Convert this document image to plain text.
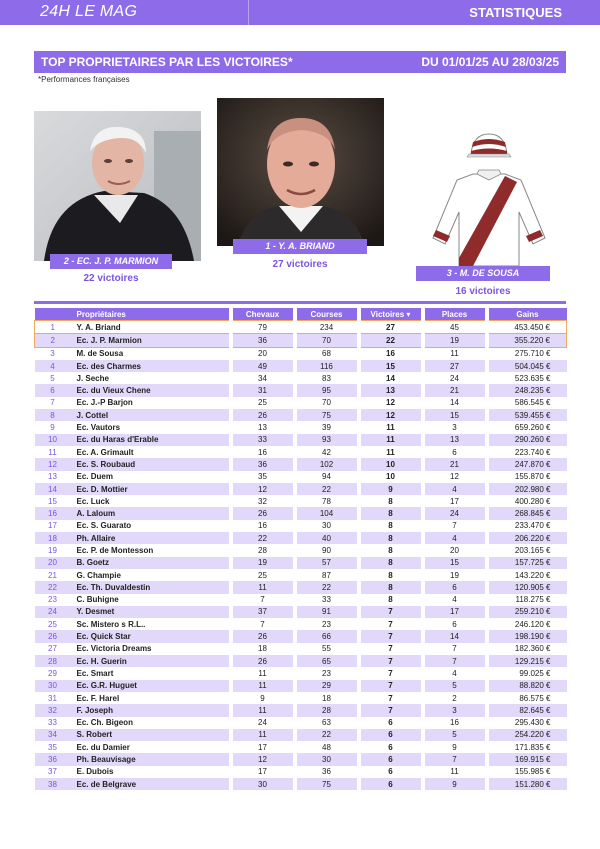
24H LE MAG	STATISTIQUES
TOP PROPRIETAIRES PAR LES VICTOIRES*	DU 01/01/25 AU 28/03/25
*Performances françaises
2 - EC. J. P. MARMION
22 victoires
1 - Y. A. BRIAND
27 victoires
3 - M. DE SOUSA
16 victoires
	Propriétaires		Chevaux		Courses		Victoires ▾		Places		Gains
1	Y. A. Briand		79		234		27		45		453.450 €
2	Ec. J. P. Marmion		36		70		22		19		355.220 €
3	M. de Sousa		20		68		16		11		275.710 €
4	Ec. des Charmes		49		116		15		27		504.045 €
5	J. Seche		34		83		14		24		523.635 €
6	Ec. du Vieux Chene		31		95		13		21		248.235 €
7	Ec. J.-P Barjon		25		70		12		14		586.545 €
8	J. Cottel		26		75		12		15		539.455 €
9	Ec. Vautors		13		39		11		3		659.260 €
10	Ec. du Haras d'Erable		33		93		11		13		290.260 €
11	Ec. A. Grimault		16		42		11		6		223.740 €
12	Ec. S. Roubaud		36		102		10		21		247.870 €
13	Ec. Duem		35		94		10		12		155.870 €
14	Ec. D. Mottier		12		22		9		4		202.980 €
15	Ec. Luck		32		78		8		17		400.280 €
16	A. Laloum		26		104		8		24		268.845 €
17	Ec. S. Guarato		16		30		8		7		233.470 €
18	Ph. Allaire		22		40		8		4		206.220 €
19	Ec. P. de Montesson		28		90		8		20		203.165 €
20	B. Goetz		19		57		8		15		157.725 €
21	G. Champie		25		87		8		19		143.220 €
22	Ec. Th. Duvaldestin		11		22		8		6		120.905 €
23	C. Buhigne		7		33		8		4		118.275 €
24	Y. Desmet		37		91		7		17		259.210 €
25	Sc. Mistero s R.L..		7		23		7		6		246.120 €
26	Ec. Quick Star		26		66		7		14		198.190 €
27	Ec. Victoria Dreams		18		55		7		7		182.360 €
28	Ec. H. Guerin		26		65		7		7		129.215 €
29	Ec. Smart		11		23		7		4		99.025 €
30	Ec. G.R. Huguet		11		29		7		5		88.820 €
31	Ec. F. Harel		9		18		7		2		86.575 €
32	F. Joseph		11		28		7		3		82.645 €
33	Ec. Ch. Bigeon		24		63		6		16		295.430 €
34	S. Robert		11		22		6		5		254.220 €
35	Ec. du Damier		17		48		6		9		171.835 €
36	Ph. Beauvisage		12		30		6		7		169.915 €
37	E. Dubois		17		36		6		11		155.985 €
38	Ec. de Belgrave		30		75		6		9		151.280 €
